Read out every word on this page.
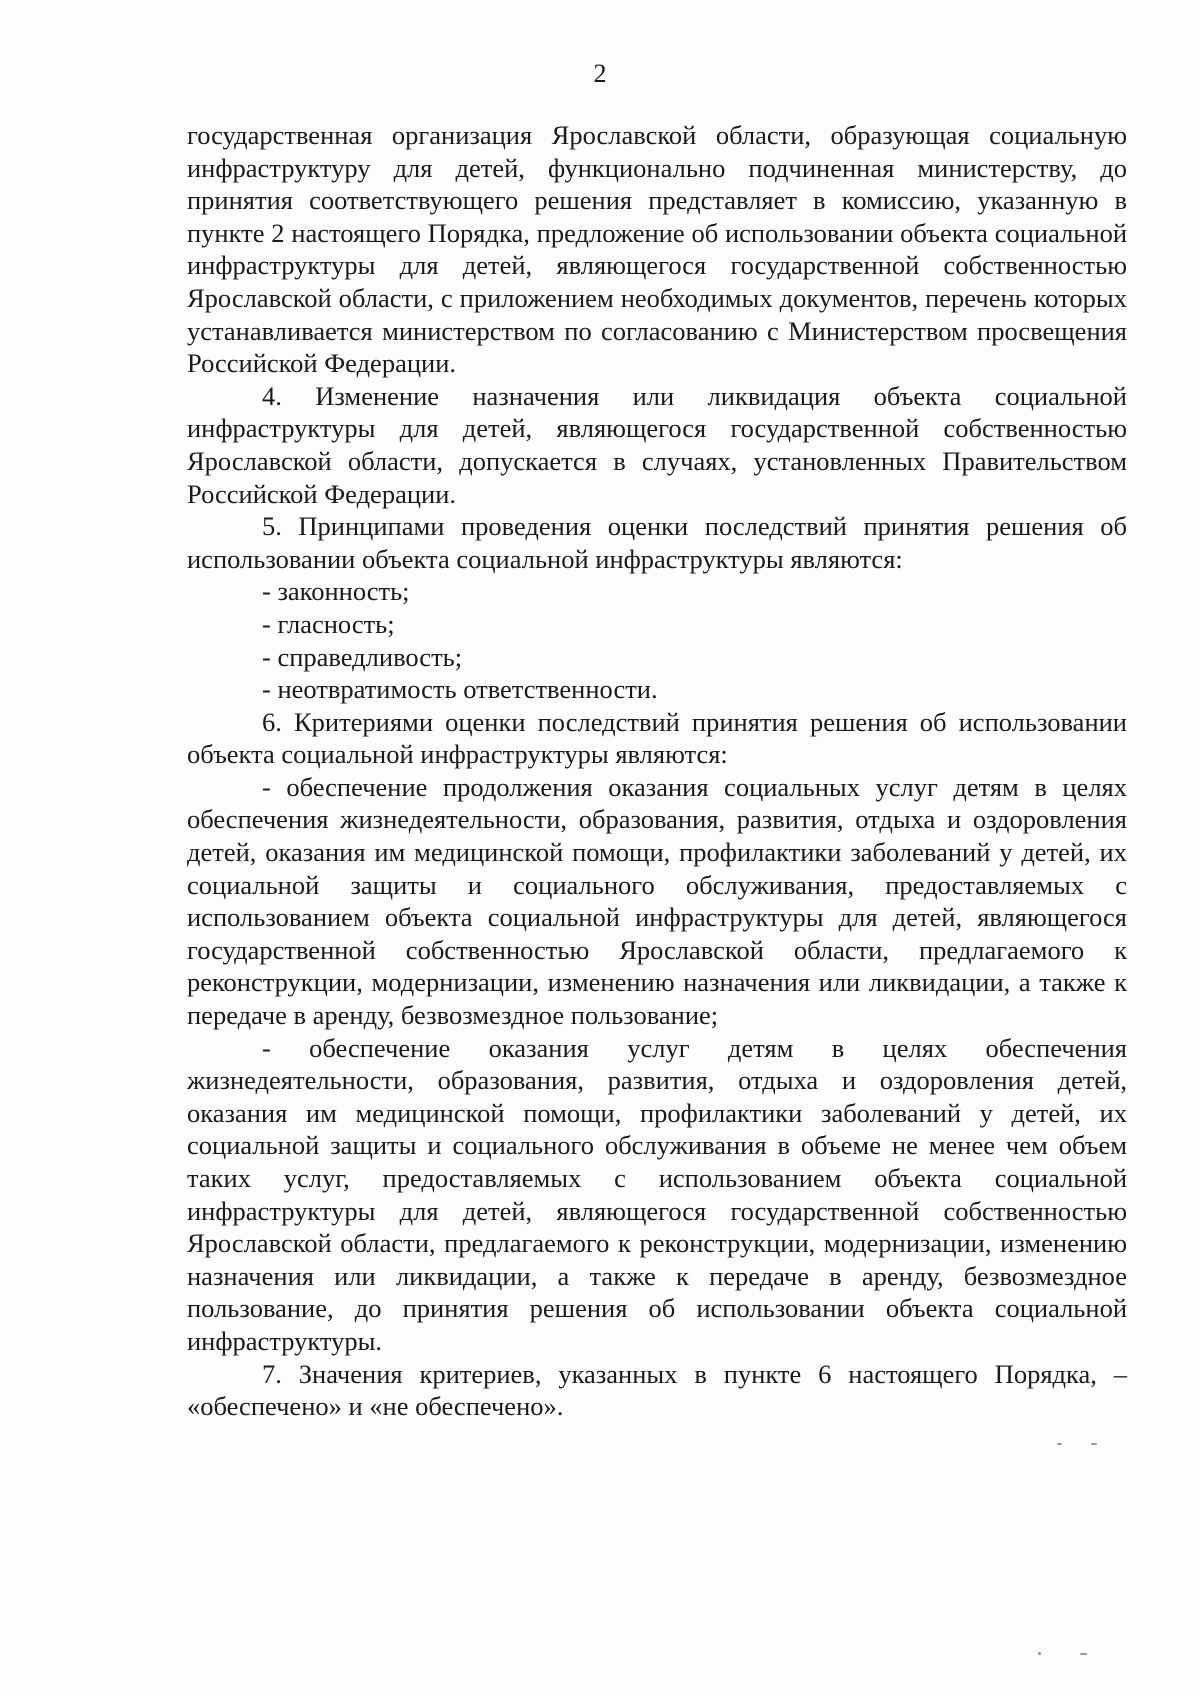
2

государственная организация Ярославской области, образующая социальную инфраструктуру для детей, функционально подчиненная министерству, до принятия соответствующего решения представляет в комиссию, указанную в пункте 2 настоящего Порядка, предложение об использовании объекта социальной инфраструктуры для детей, являющегося государственной собственностью Ярославской области, с приложением необходимых документов, перечень которых устанавливается министерством по согласованию с Министерством просвещения Российской Федерации.

4. Изменение назначения или ликвидация объекта социальной инфраструктуры для детей, являющегося государственной собственностью Ярославской области, допускается в случаях, установленных Правительством Российской Федерации.

5. Принципами проведения оценки последствий принятия решения об использовании объекта социальной инфраструктуры являются:

- законность;

- гласность;

- справедливость;

- неотвратимость ответственности.

6. Критериями оценки последствий принятия решения об использовании объекта социальной инфраструктуры являются:

- обеспечение продолжения оказания социальных услуг детям в целях обеспечения жизнедеятельности, образования, развития, отдыха и оздоровления детей, оказания им медицинской помощи, профилактики заболеваний у детей, их социальной защиты и социального обслуживания, предоставляемых с использованием объекта социальной инфраструктуры для детей, являющегося государственной собственностью Ярославской области, предлагаемого к реконструкции, модернизации, изменению назначения или ликвидации, а также к передаче в аренду, безвозмездное пользование;

- обеспечение оказания услуг детям в целях обеспечения жизнедеятельности, образования, развития, отдыха и оздоровления детей, оказания им медицинской помощи, профилактики заболеваний у детей, их социальной защиты и социального обслуживания в объеме не менее чем объем таких услуг, предоставляемых с использованием объекта социальной инфраструктуры для детей, являющегося государственной собственностью Ярославской области, предлагаемого к реконструкции, модернизации, изменению назначения или ликвидации, а также к передаче в аренду, безвозмездное пользование, до принятия решения об использовании объекта социальной инфраструктуры.

7. Значения критериев, указанных в пункте 6 настоящего Порядка, – «обеспечено» и «не обеспечено».
